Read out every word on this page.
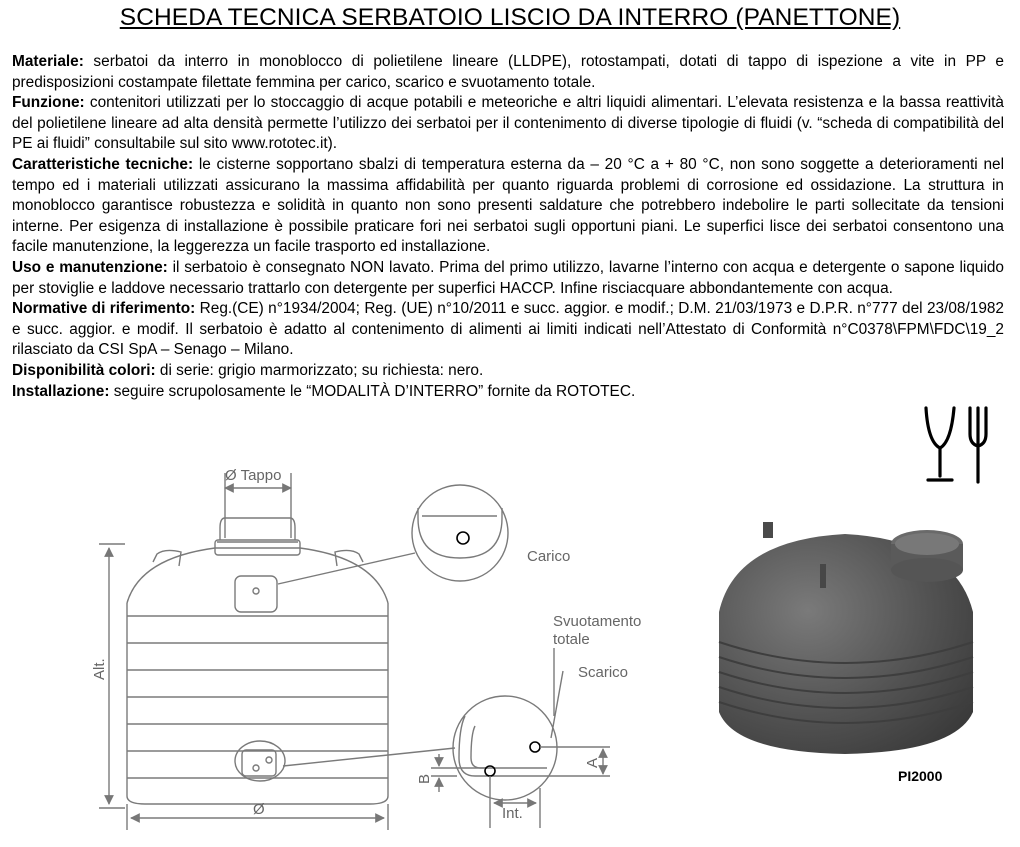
SCHEDA TECNICA SERBATOIO LISCIO DA INTERRO (PANETTONE)

Materiale: serbatoi da interro in monoblocco di polietilene lineare (LLDPE), rotostampati, dotati di tappo di ispezione a vite in PP e predisposizioni costampate filettate femmina per carico, scarico e svuotamento totale.

Funzione: contenitori utilizzati per lo stoccaggio di acque potabili e meteoriche e altri liquidi alimentari. L’elevata resistenza e la bassa reattività del polietilene lineare ad alta densità permette l’utilizzo dei serbatoi per il contenimento di diverse tipologie di fluidi (v. “scheda di compatibilità del PE ai fluidi” consultabile sul sito www.rototec.it).

Caratteristiche tecniche: le cisterne sopportano sbalzi di temperatura esterna da – 20 °C a + 80 °C, non sono soggette a deterioramenti nel tempo ed i materiali utilizzati assicurano la massima affidabilità per quanto riguarda problemi di corrosione ed ossidazione. La struttura in monoblocco garantisce robustezza e solidità in quanto non sono presenti saldature che potrebbero indebolire le parti sollecitate da tensioni interne. Per esigenza di installazione è possibile praticare fori nei serbatoi sugli opportuni piani. Le superfici lisce dei serbatoi consentono una facile manutenzione, la leggerezza un facile trasporto ed installazione.

Uso e manutenzione: il serbatoio è consegnato NON lavato. Prima del primo utilizzo, lavarne l’interno con acqua e detergente o sapone liquido per stoviglie e laddove necessario trattarlo con detergente per superfici HACCP. Infine risciacquare abbondantemente con acqua.

Normative di riferimento: Reg.(CE) n°1934/2004; Reg. (UE) n°10/2011 e succ. aggior. e modif.; D.M. 21/03/1973 e D.P.R. n°777 del 23/08/1982 e succ. aggior. e modif. Il serbatoio è adatto al contenimento di alimenti ai limiti indicati nell’Attestato di Conformità n°C0378\FPM\FDC\19_2 rilasciato da CSI SpA – Senago – Milano.

Disponibilità colori: di serie: grigio marmorizzato; su richiesta: nero.

Installazione: seguire scrupolosamente le “MODALITÀ D’INTERRO” fornite da ROTOTEC.

Ø Tappo
Alt.
Ø
Carico
Svuotamento
totale
Scarico
A
B
Int.
PI2000
